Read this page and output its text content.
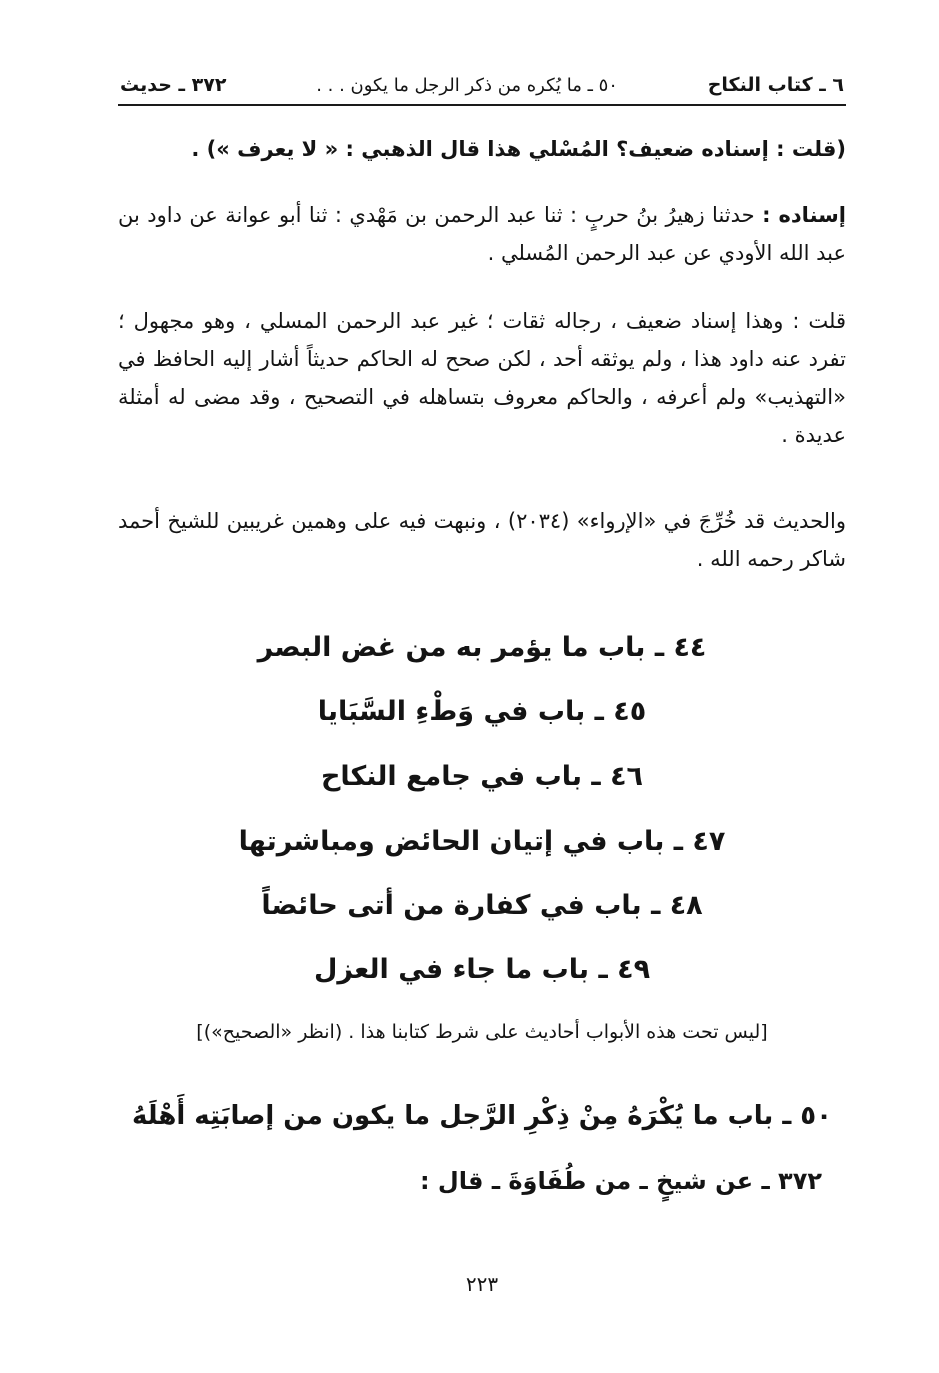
٦ ـ كتاب النكاح
٥٠ ـ ما يُكره من ذكر الرجل ما يكون . . .
٣٧٢ ـ حديث

(قلت : إسناده ضعيف؟ المُسْلي هذا قال الذهبي : « لا يعرف ») .

إسناده : حدثنا زهيرُ بنُ حربٍ : ثنا عبد الرحمن بن مَهْدي : ثنا أبو عوانة عن داود بن عبد الله الأودي عن عبد الرحمن المُسلي .

قلت : وهذا إسناد ضعيف ، رجاله ثقات ؛ غير عبد الرحمن المسلي ، وهو مجهول ؛ تفرد عنه داود هذا ، ولم يوثقه أحد ، لكن صحح له الحاكم حديثاً أشار إليه الحافظ في «التهذيب» ولم أعرفه ، والحاكم معروف بتساهله في التصحيح ، وقد مضى له أمثلة عديدة .

والحديث قد خُرِّجَ في «الإرواء» (٢٠٣٤) ، ونبهت فيه على وهمين غريبين للشيخ أحمد شاكر رحمه الله .

٤٤ ـ باب ما يؤمر به من غض البصر

٤٥ ـ باب في وَطْءِ السَّبَايا

٤٦ ـ باب في جامع النكاح

٤٧ ـ باب في إتيان الحائض ومباشرتها

٤٨ ـ باب في كفارة من أتى حائضاً

٤٩ ـ باب ما جاء في العزل

[ليس تحت هذه الأبواب أحاديث على شرط كتابنا هذا . (انظر «الصحيح»)]

٥٠ ـ باب ما يُكْرَهُ مِنْ ذِكْرِ الرَّجل ما يكون من إصابَتِه أَهْلَهُ

٣٧٢ ـ عن شيخٍ ـ من طُفَاوَةَ ـ قال :

٢٢٣
